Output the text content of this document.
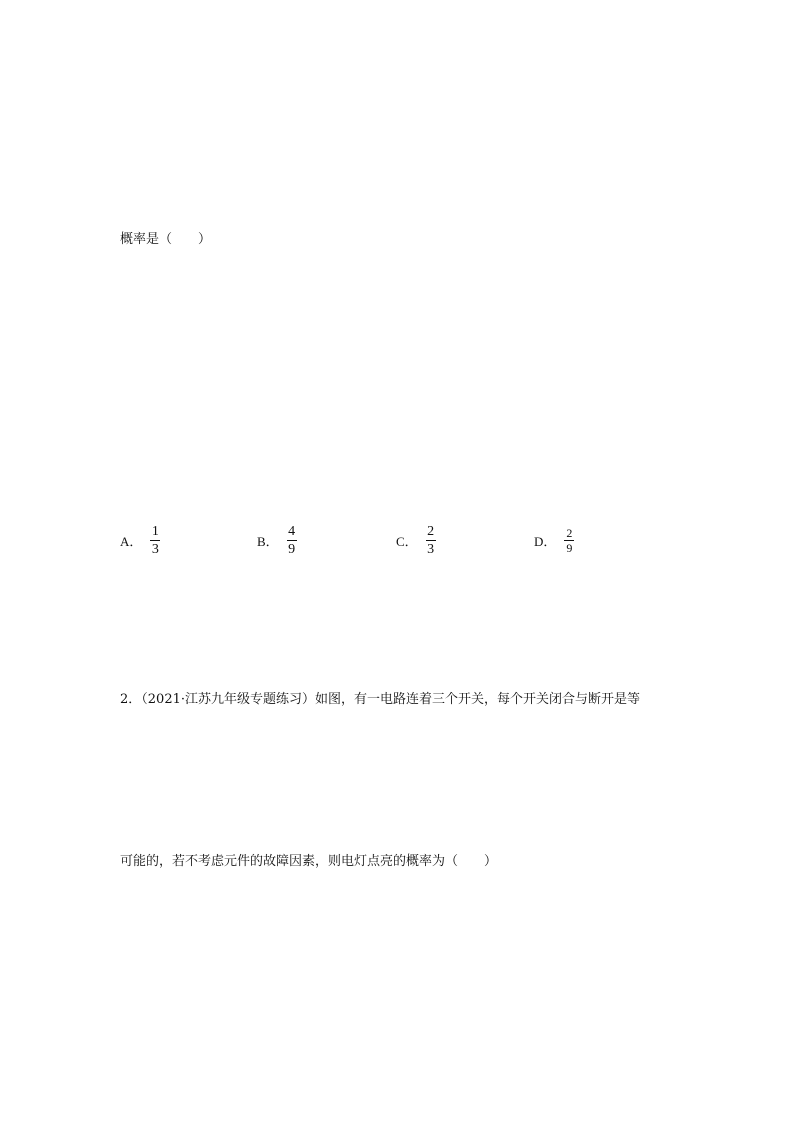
概率是（　　）
A． $\frac{1}{3}$	B． $\frac{4}{9}$	C． $\frac{2}{3}$	D． $\frac{2}{9}$
2．（2021·江苏九年级专题练习）如图，有一电路连着三个开关，每个开关闭合与断开是等
可能的，若不考虑元件的故障因素，则电灯点亮的概率为（　　）
